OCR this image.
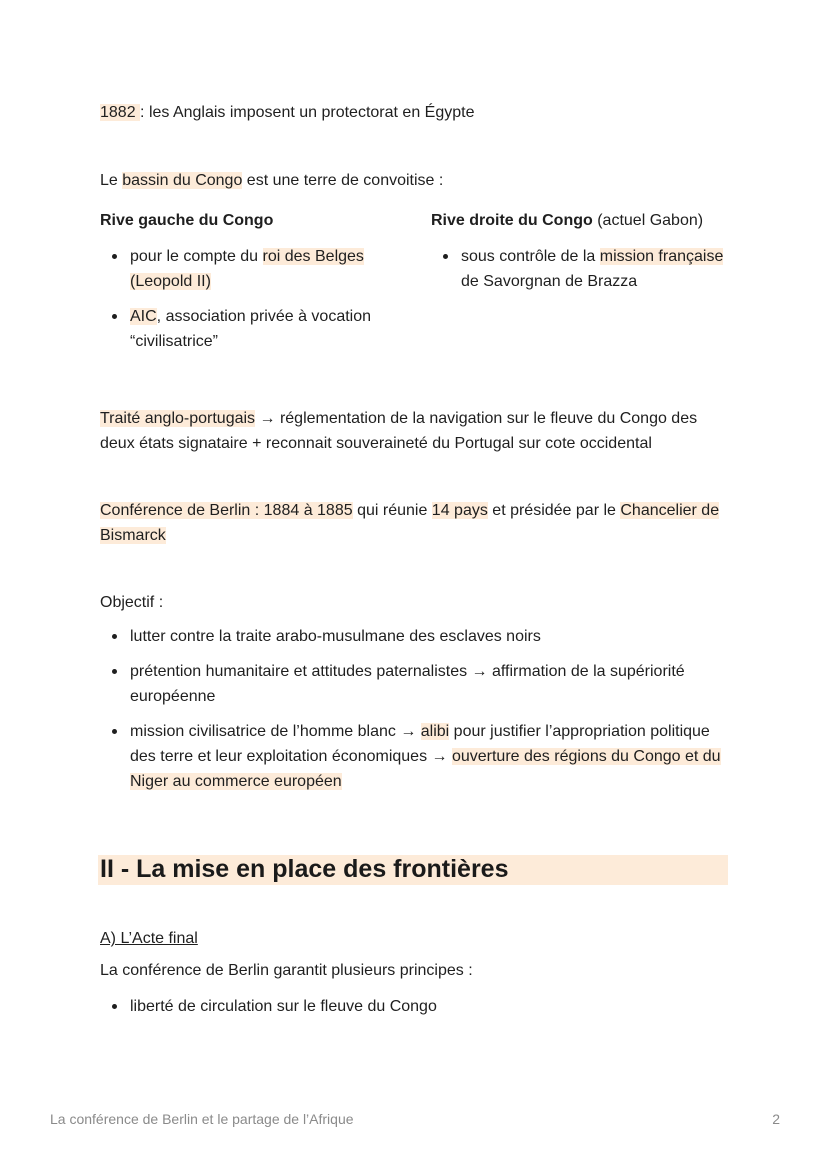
1882 : les Anglais imposent un protectorat en Égypte

Le bassin du Congo est une terre de convoitise :

Rive gauche du Congo

pour le compte du roi des Belges (Leopold II)
AIC, association privée à vocation “civilisatrice”

Rive droite du Congo (actuel Gabon)

sous contrôle de la mission française de Savorgnan de Brazza

Traité anglo-portugais → réglementation de la navigation sur le fleuve du Congo des deux états signataire + reconnait souveraineté du Portugal sur cote occidental

Conférence de Berlin : 1884 à 1885 qui réunie 14 pays et présidée par le Chancelier de Bismarck

Objectif :

lutter contre la traite arabo-musulmane des esclaves noirs
prétention humanitaire et attitudes paternalistes → affirmation de la supériorité européenne
mission civilisatrice de l’homme blanc → alibi pour justifier l’appropriation politique des terre et leur exploitation économiques → ouverture des régions du Congo et du Niger au commerce européen
II - La mise en place des frontières

A) L’Acte final

La conférence de Berlin garantit plusieurs principes :

liberté de circulation sur le fleuve du Congo
La conférence de Berlin et le partage de l’Afrique	2
